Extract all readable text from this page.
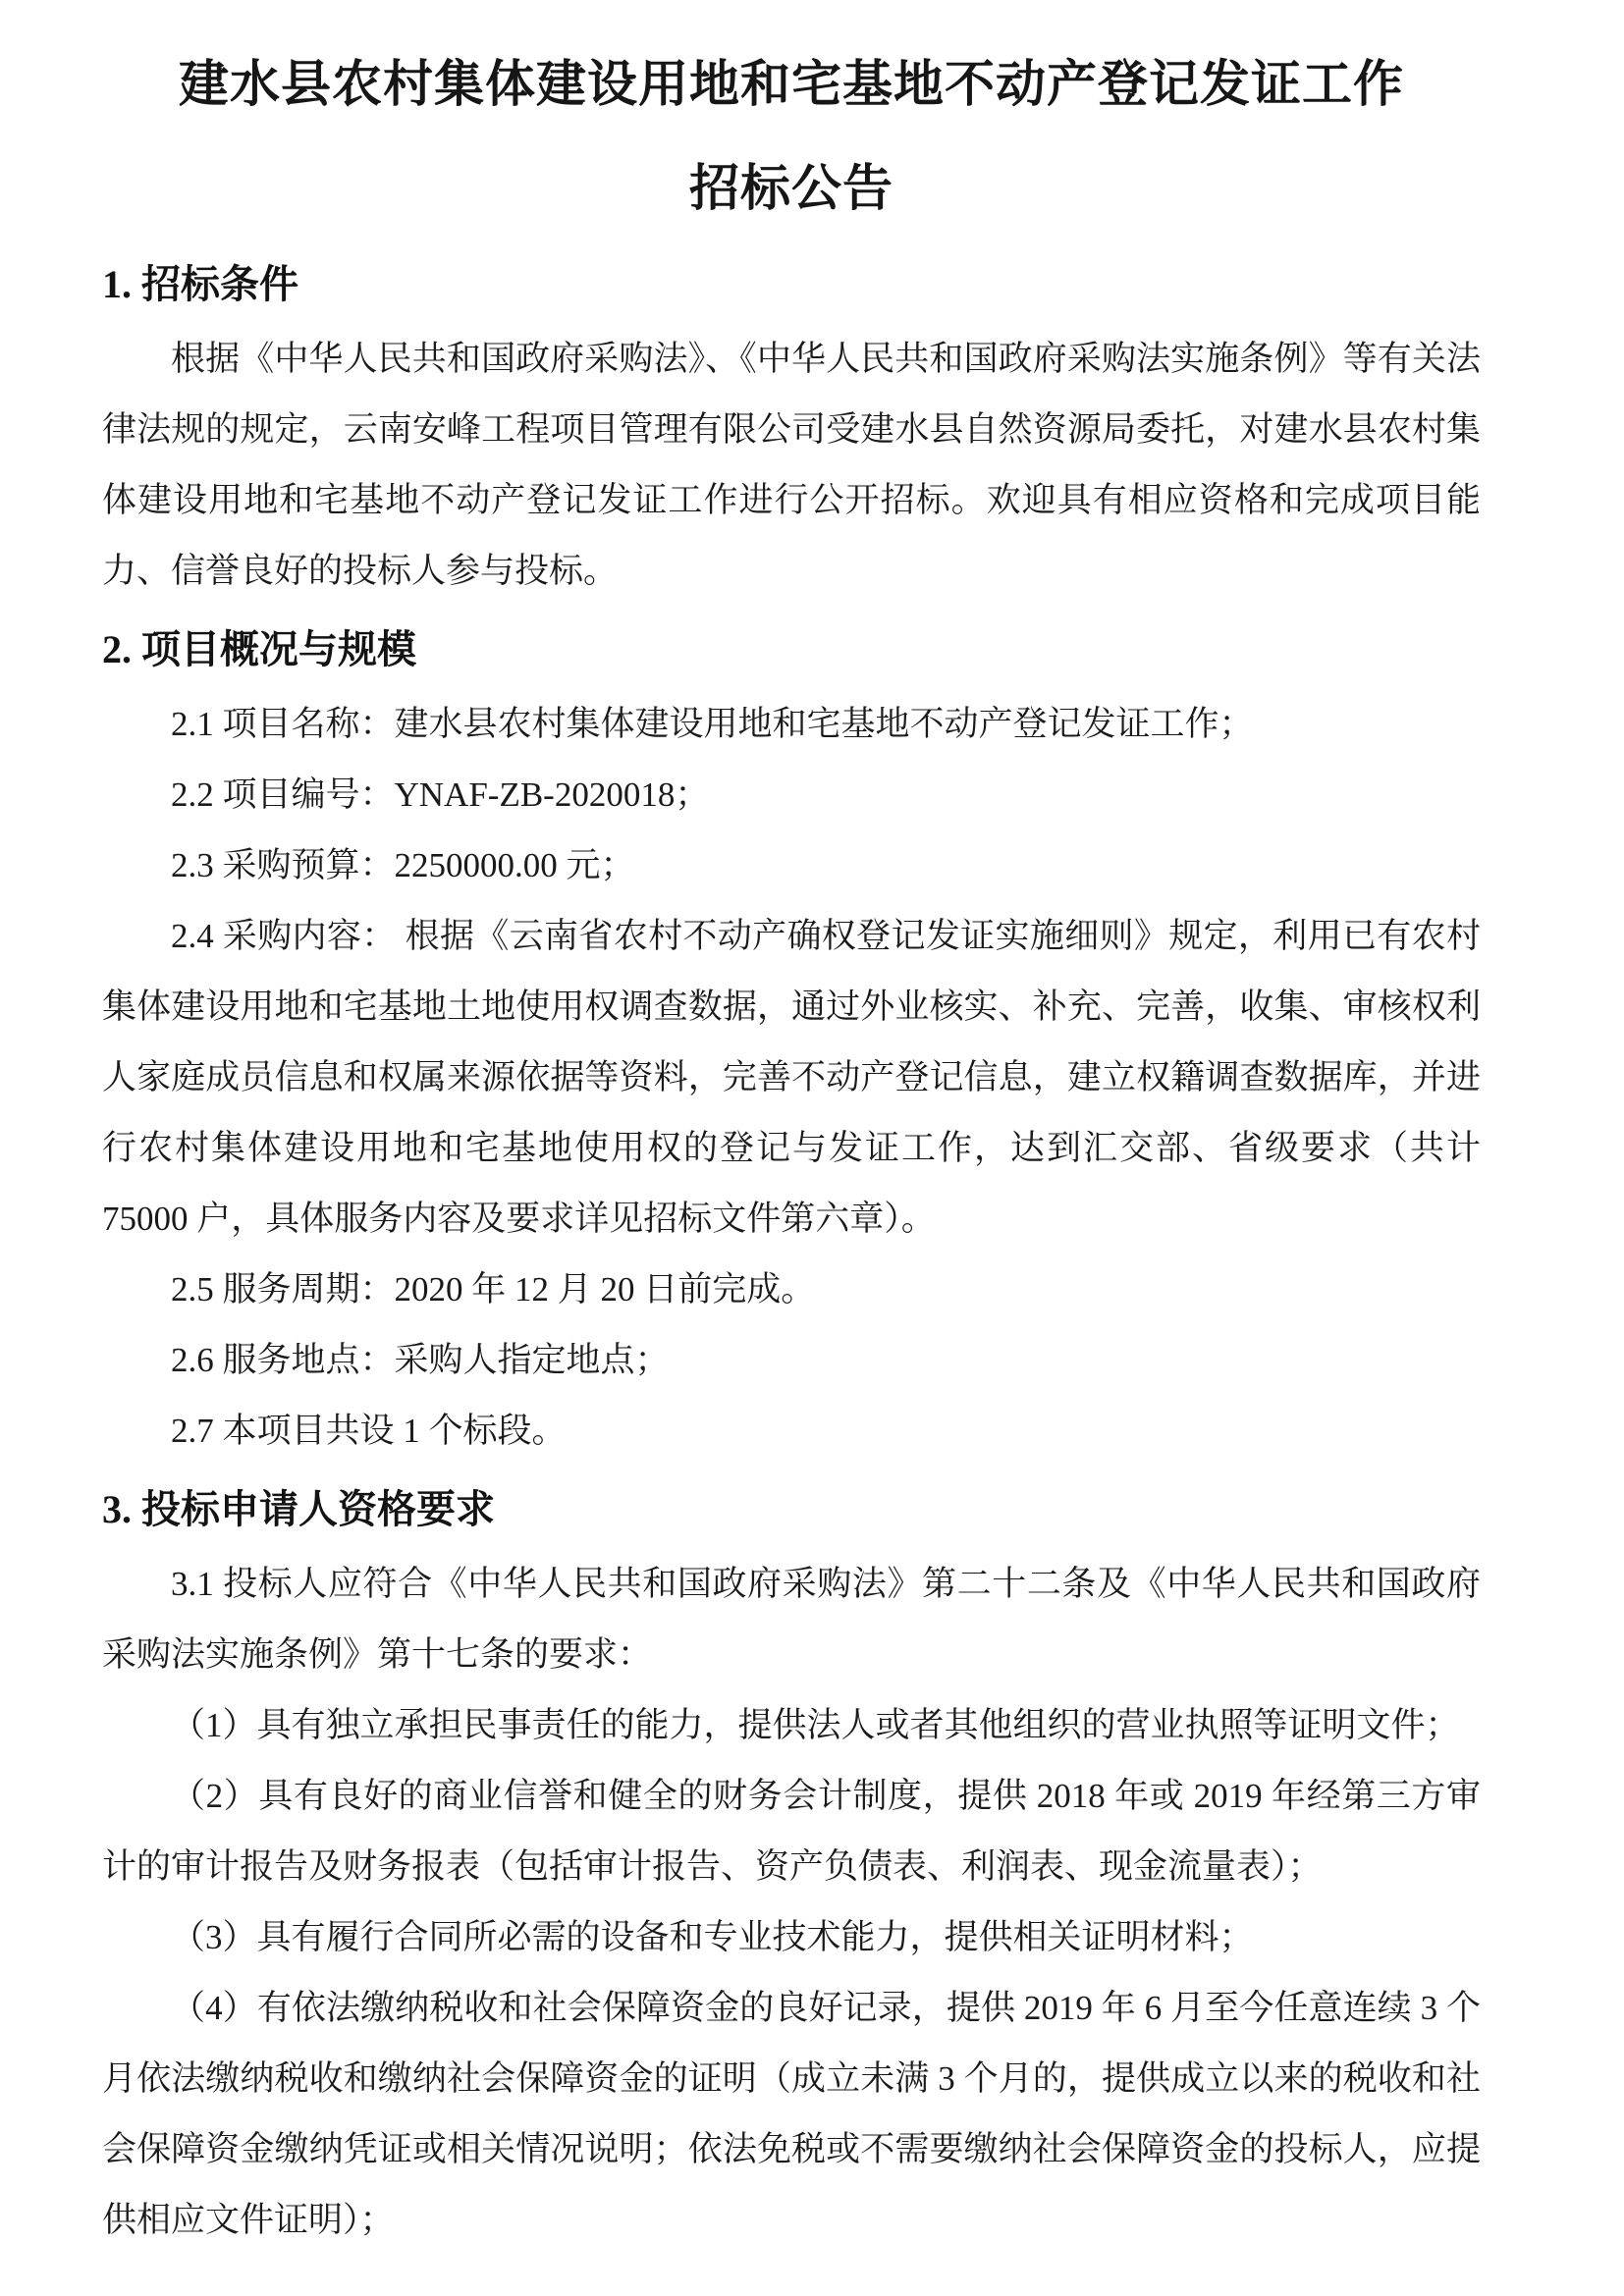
建水县农村集体建设用地和宅基地不动产登记发证工作
招标公告
1. 招标条件

根据《中华人民共和国政府采购法》、《中华人民共和国政府采购法实施条例》等有关法律法规的规定，云南安峰工程项目管理有限公司受建水县自然资源局委托，对建水县农村集体建设用地和宅基地不动产登记发证工作进行公开招标。欢迎具有相应资格和完成项目能力、信誉良好的投标人参与投标。

2. 项目概况与规模

2.1 项目名称：建水县农村集体建设用地和宅基地不动产登记发证工作；

2.2 项目编号：YNAF-ZB-2020018；

2.3 采购预算：2250000.00 元；

2.4 采购内容： 根据《云南省农村不动产确权登记发证实施细则》规定，利用已有农村集体建设用地和宅基地土地使用权调查数据，通过外业核实、补充、完善，收集、审核权利人家庭成员信息和权属来源依据等资料，完善不动产登记信息，建立权籍调查数据库，并进行农村集体建设用地和宅基地使用权的登记与发证工作，达到汇交部、省级要求（共计 75000 户，具体服务内容及要求详见招标文件第六章）。

2.5 服务周期：2020 年 12 月 20 日前完成。

2.6 服务地点：采购人指定地点；

2.7 本项目共设 1 个标段。

3. 投标申请人资格要求

3.1 投标人应符合《中华人民共和国政府采购法》第二十二条及《中华人民共和国政府采购法实施条例》第十七条的要求：

（1）具有独立承担民事责任的能力，提供法人或者其他组织的营业执照等证明文件；

（2）具有良好的商业信誉和健全的财务会计制度，提供 2018 年或 2019 年经第三方审计的审计报告及财务报表（包括审计报告、资产负债表、利润表、现金流量表）；

（3）具有履行合同所必需的设备和专业技术能力，提供相关证明材料；

（4）有依法缴纳税收和社会保障资金的良好记录，提供 2019 年 6 月至今任意连续 3 个月依法缴纳税收和缴纳社会保障资金的证明（成立未满 3 个月的，提供成立以来的税收和社会保障资金缴纳凭证或相关情况说明；依法免税或不需要缴纳社会保障资金的投标人，应提供相应文件证明）；
